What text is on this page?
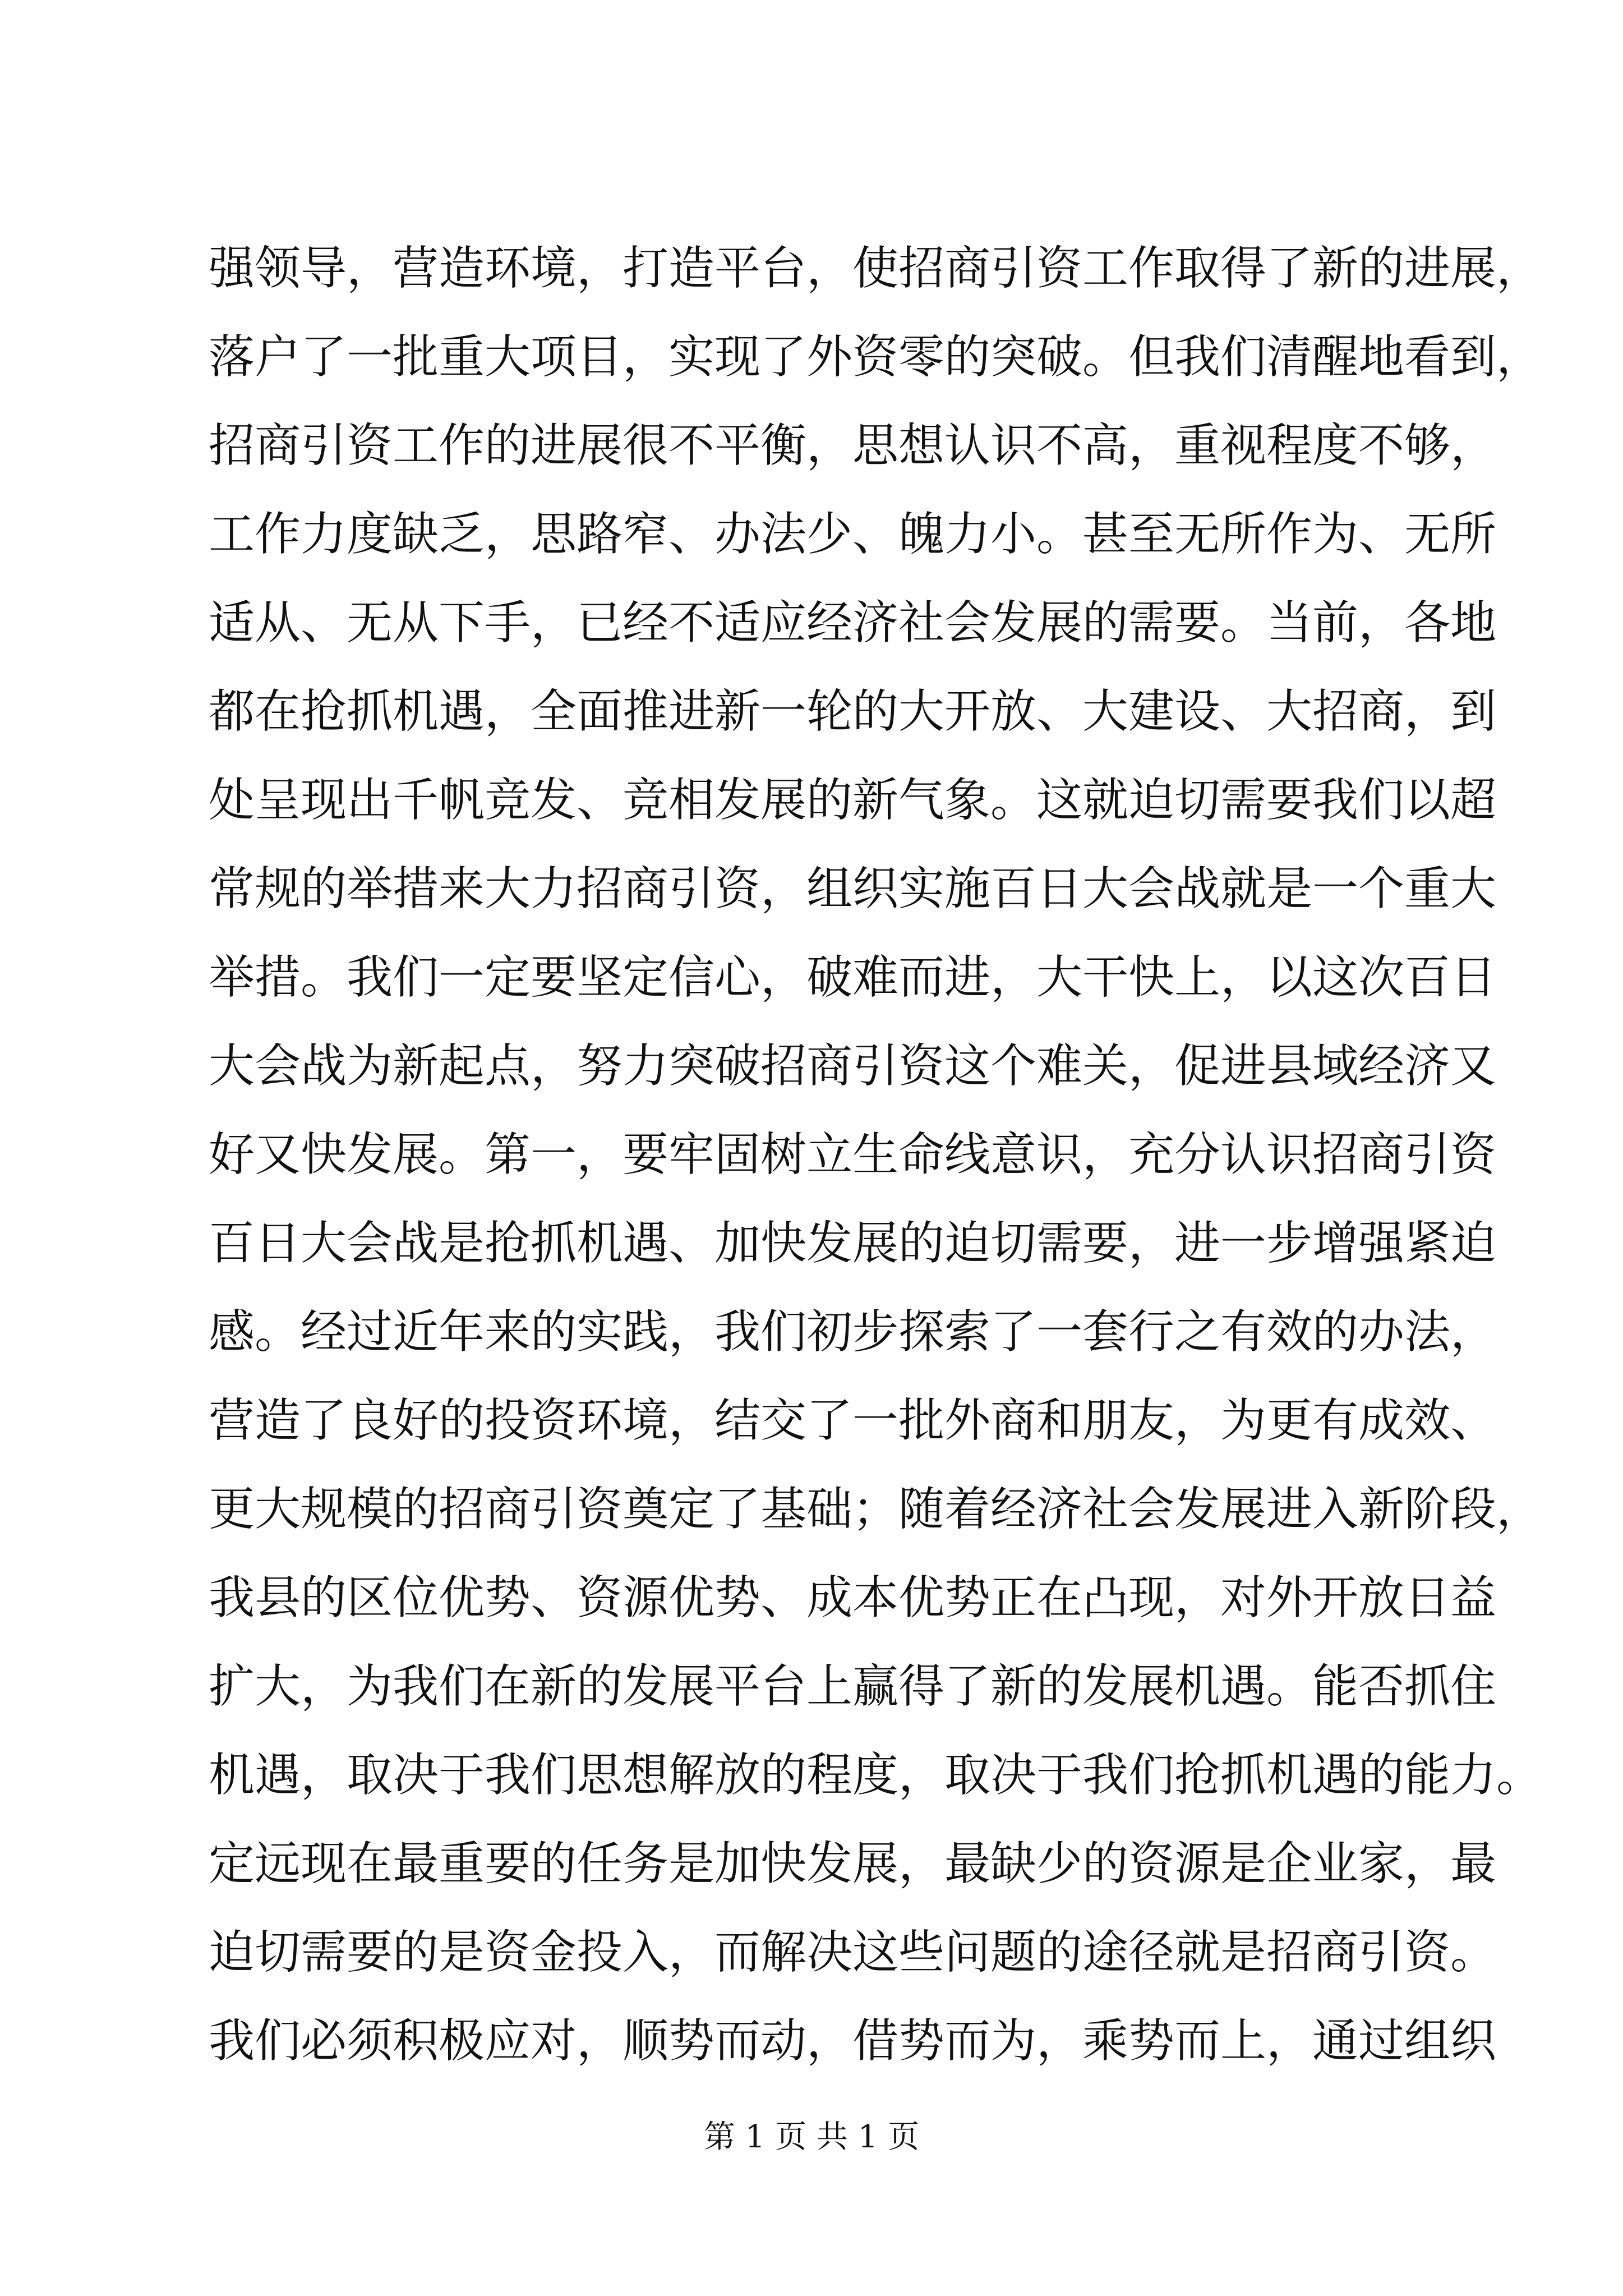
强领导，营造环境，打造平台，使招商引资工作取得了新的进展，
落户了一批重大项目，实现了外资零的突破。但我们清醒地看到，
招商引资工作的进展很不平衡，思想认识不高，重视程度不够，
工作力度缺乏，思路窄、办法少、魄力小。甚至无所作为、无所
适从、无从下手，已经不适应经济社会发展的需要。当前，各地
都在抢抓机遇，全面推进新一轮的大开放、大建设、大招商，到
处呈现出千帆竞发、竞相发展的新气象。这就迫切需要我们以超
常规的举措来大力招商引资，组织实施百日大会战就是一个重大
举措。我们一定要坚定信心，破难而进，大干快上，以这次百日
大会战为新起点，努力突破招商引资这个难关，促进县域经济又
好又快发展。第一，要牢固树立生命线意识，充分认识招商引资
百日大会战是抢抓机遇、加快发展的迫切需要，进一步增强紧迫
感。经过近年来的实践，我们初步探索了一套行之有效的办法，
营造了良好的投资环境，结交了一批外商和朋友，为更有成效、
更大规模的招商引资奠定了基础；随着经济社会发展进入新阶段，
我县的区位优势、资源优势、成本优势正在凸现，对外开放日益
扩大，为我们在新的发展平台上赢得了新的发展机遇。能否抓住
机遇，取决于我们思想解放的程度，取决于我们抢抓机遇的能力。
定远现在最重要的任务是加快发展，最缺少的资源是企业家，最
迫切需要的是资金投入，而解决这些问题的途径就是招商引资。
我们必须积极应对，顺势而动，借势而为，乘势而上，通过组织
第 1 页 共 1 页
